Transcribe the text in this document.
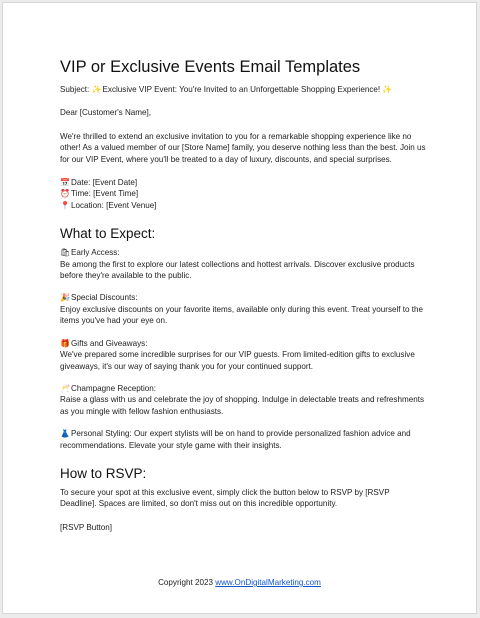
VIP or Exclusive Events Email Templates

Subject: ✨Exclusive VIP Event: You're Invited to an Unforgettable Shopping Experience! ✨

Dear [Customer's Name],

We're thrilled to extend an exclusive invitation to you for a remarkable shopping experience like no other! As a valued member of our [Store Name] family, you deserve nothing less than the best. Join us for our VIP Event, where you'll be treated to a day of luxury, discounts, and special surprises.

📅Date: [Event Date]

⏰Time: [Event Time]

📍Location: [Event Venue]

What to Expect:
🛍Early Access:

Be among the first to explore our latest collections and hottest arrivals. Discover exclusive products before they're available to the public.

🎉Special Discounts:

Enjoy exclusive discounts on your favorite items, available only during this event. Treat yourself to the items you've had your eye on.

🎁Gifts and Giveaways:

We've prepared some incredible surprises for our VIP guests. From limited-edition gifts to exclusive giveaways, it's our way of saying thank you for your continued support.

🥂Champagne Reception:

Raise a glass with us and celebrate the joy of shopping. Indulge in delectable treats and refreshments as you mingle with fellow fashion enthusiasts.

👗Personal Styling: Our expert stylists will be on hand to provide personalized fashion advice and recommendations. Elevate your style game with their insights.

How to RSVP:

To secure your spot at this exclusive event, simply click the button below to RSVP by [RSVP Deadline]. Spaces are limited, so don't miss out on this incredible opportunity.

[RSVP Button]

Copyright 2023 www.OnDigitalMarketing.com
